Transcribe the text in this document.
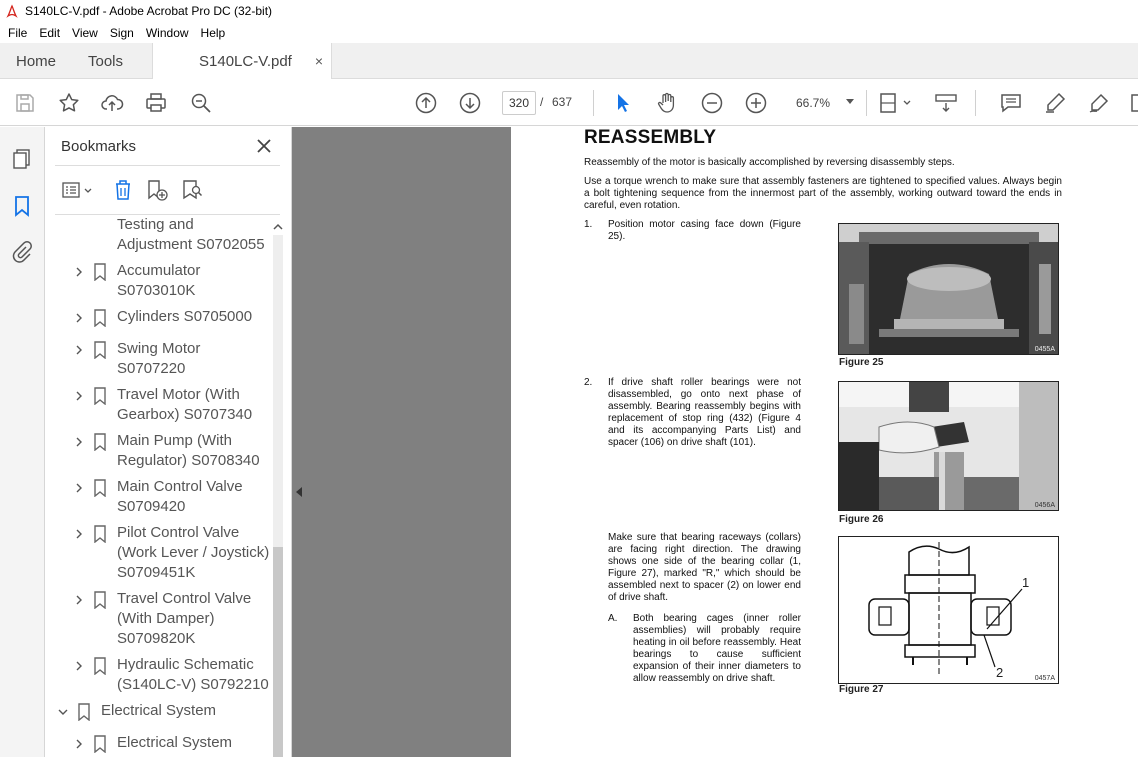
S140LC-V.pdf - Adobe Acrobat Pro DC (32-bit)
File	Edit	View	Sign	Window	Help
Home	Tools	S140LC-V.pdf ×
320
/ 637	66.7%
Bookmarks
Testing and
Adjustment S0702055
Accumulator
S0703010K
Cylinders S0705000
Swing Motor
S0707220
Travel Motor (With
Gearbox) S0707340
Main Pump (With
Regulator) S0708340
Main Control Valve
S0709420
Pilot Control Valve
(Work Lever / Joystick)
S0709451K
Travel Control Valve
(With Damper)
S0709820K
Hydraulic Schematic
(S140LC-V) S0792210
Electrical System
Electrical System
REASSEMBLY
Reassembly of the motor is basically accomplished by reversing disassembly steps.
Use a torque wrench to make sure that assembly fasteners are tightened to specified values. Always begin a bolt tightening sequence from the innermost part of the assembly, working outward toward the ends in careful, even rotation.
1. Position motor casing face down (Figure 25).
0455A
Figure 25
2. If drive shaft roller bearings were not disassembled, go onto next phase of assembly. Bearing reassembly begins with replacement of stop ring (432) (Figure 4 and its accompanying Parts List) and spacer (106) on drive shaft (101).
0456A
Figure 26
Make sure that bearing raceways (collars) are facing right direction. The drawing shows one side of the bearing collar (1, Figure 27), marked "R," which should be assembled next to spacer (2) on lower end of drive shaft.
A. Both bearing cages (inner roller assemblies) will probably require heating in oil before reassembly. Heat bearings to cause sufficient expansion of their inner diameters to allow reassembly on drive shaft.
1
2	0457A
Figure 27
